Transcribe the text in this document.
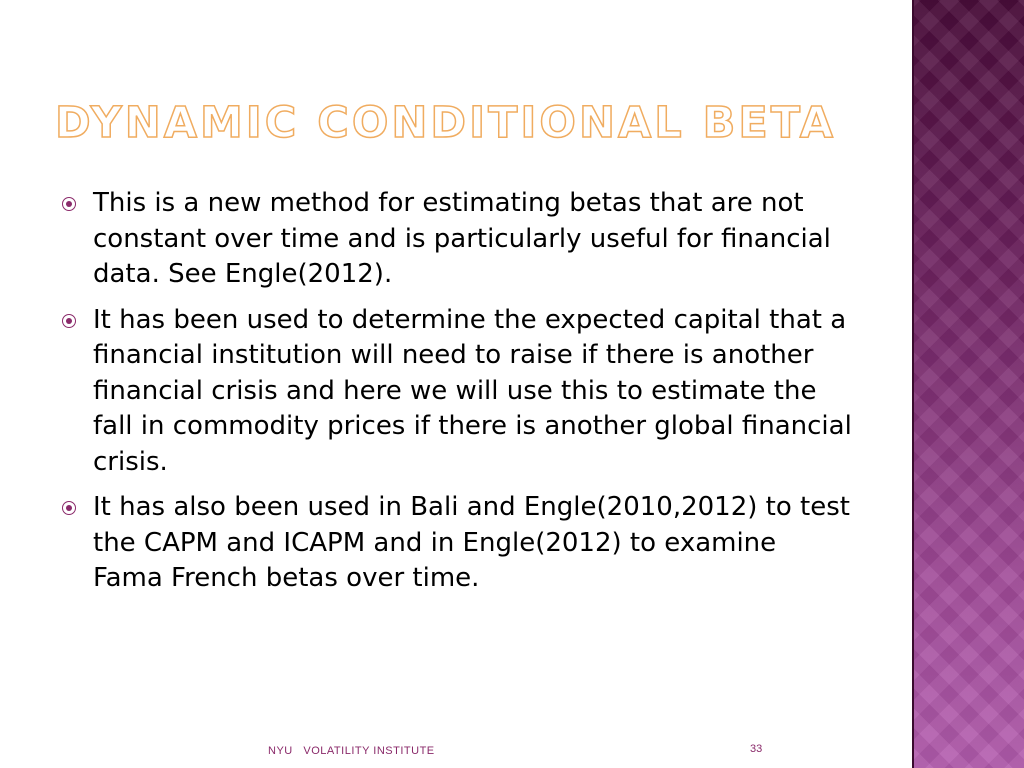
DYNAMIC CONDITIONAL BETA
This is a new method for estimating betas that are not constant over time and is particularly useful for financial data. See Engle(2012).
It has been used to determine the expected capital that a financial institution will need to raise if there is another financial crisis and here we will use this to estimate the fall in commodity prices if there is another global financial crisis.
It has also been used in Bali and Engle(2010,2012) to test the CAPM and ICAPM and in Engle(2012) to examine Fama French betas over time.
NYU   VOLATILITY INSTITUTE	33
